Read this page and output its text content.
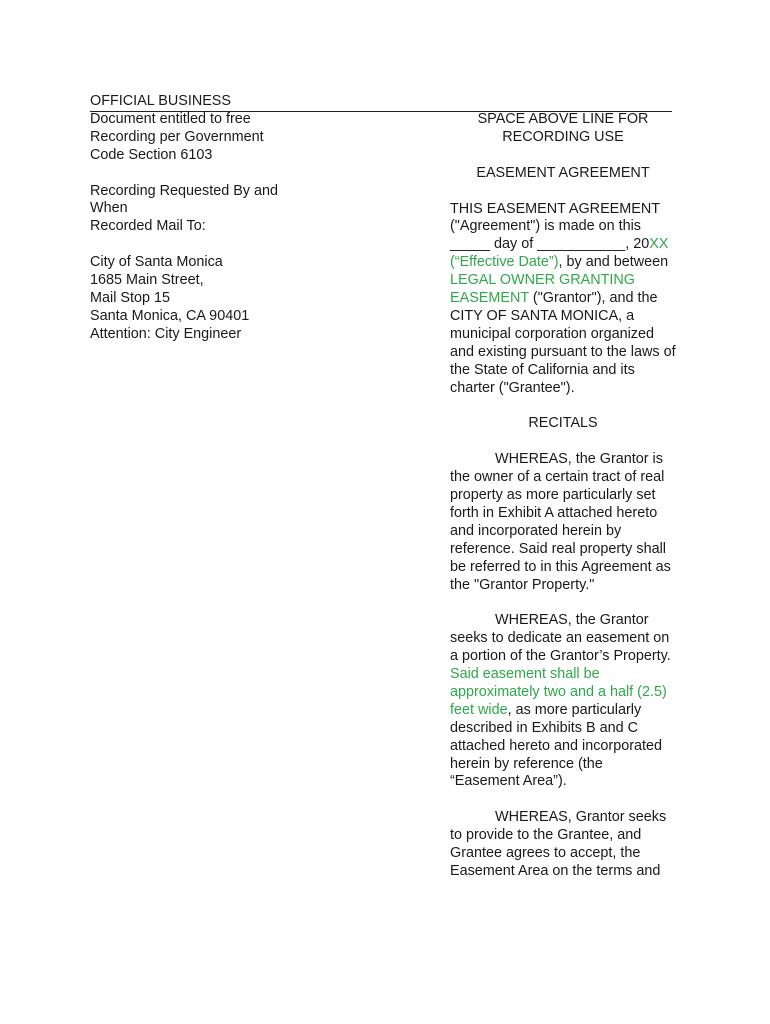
OFFICIAL BUSINESS
Document entitled to free
Recording per Government
Code Section 6103
Recording Requested By and
When
Recorded Mail To:
City of Santa Monica
1685 Main Street,
Mail Stop 15
Santa Monica, CA 90401
Attention: City Engineer
SPACE ABOVE LINE FOR
RECORDING USE
EASEMENT AGREEMENT

THIS EASEMENT AGREEMENT ("Agreement") is made on this _____ day of ___________, 20XX (“Effective Date”), by and between LEGAL OWNER GRANTING EASEMENT ("Grantor"), and the CITY OF SANTA MONICA, a municipal corporation organized and existing pursuant to the laws of the State of California and its charter ("Grantee").

RECITALS

WHEREAS, the Grantor is the owner of a certain tract of real property as more particularly set forth in Exhibit A attached hereto and incorporated herein by reference. Said real property shall be referred to in this Agreement as the "Grantor Property."

WHEREAS, the Grantor seeks to dedicate an easement on a portion of the Grantor’s Property. Said easement shall be approximately two and a half (2.5) feet wide, as more particularly described in Exhibits B and C attached hereto and incorporated herein by reference (the “Easement Area”).

WHEREAS, Grantor seeks to provide to the Grantee, and Grantee agrees to accept, the Easement Area on the terms and
